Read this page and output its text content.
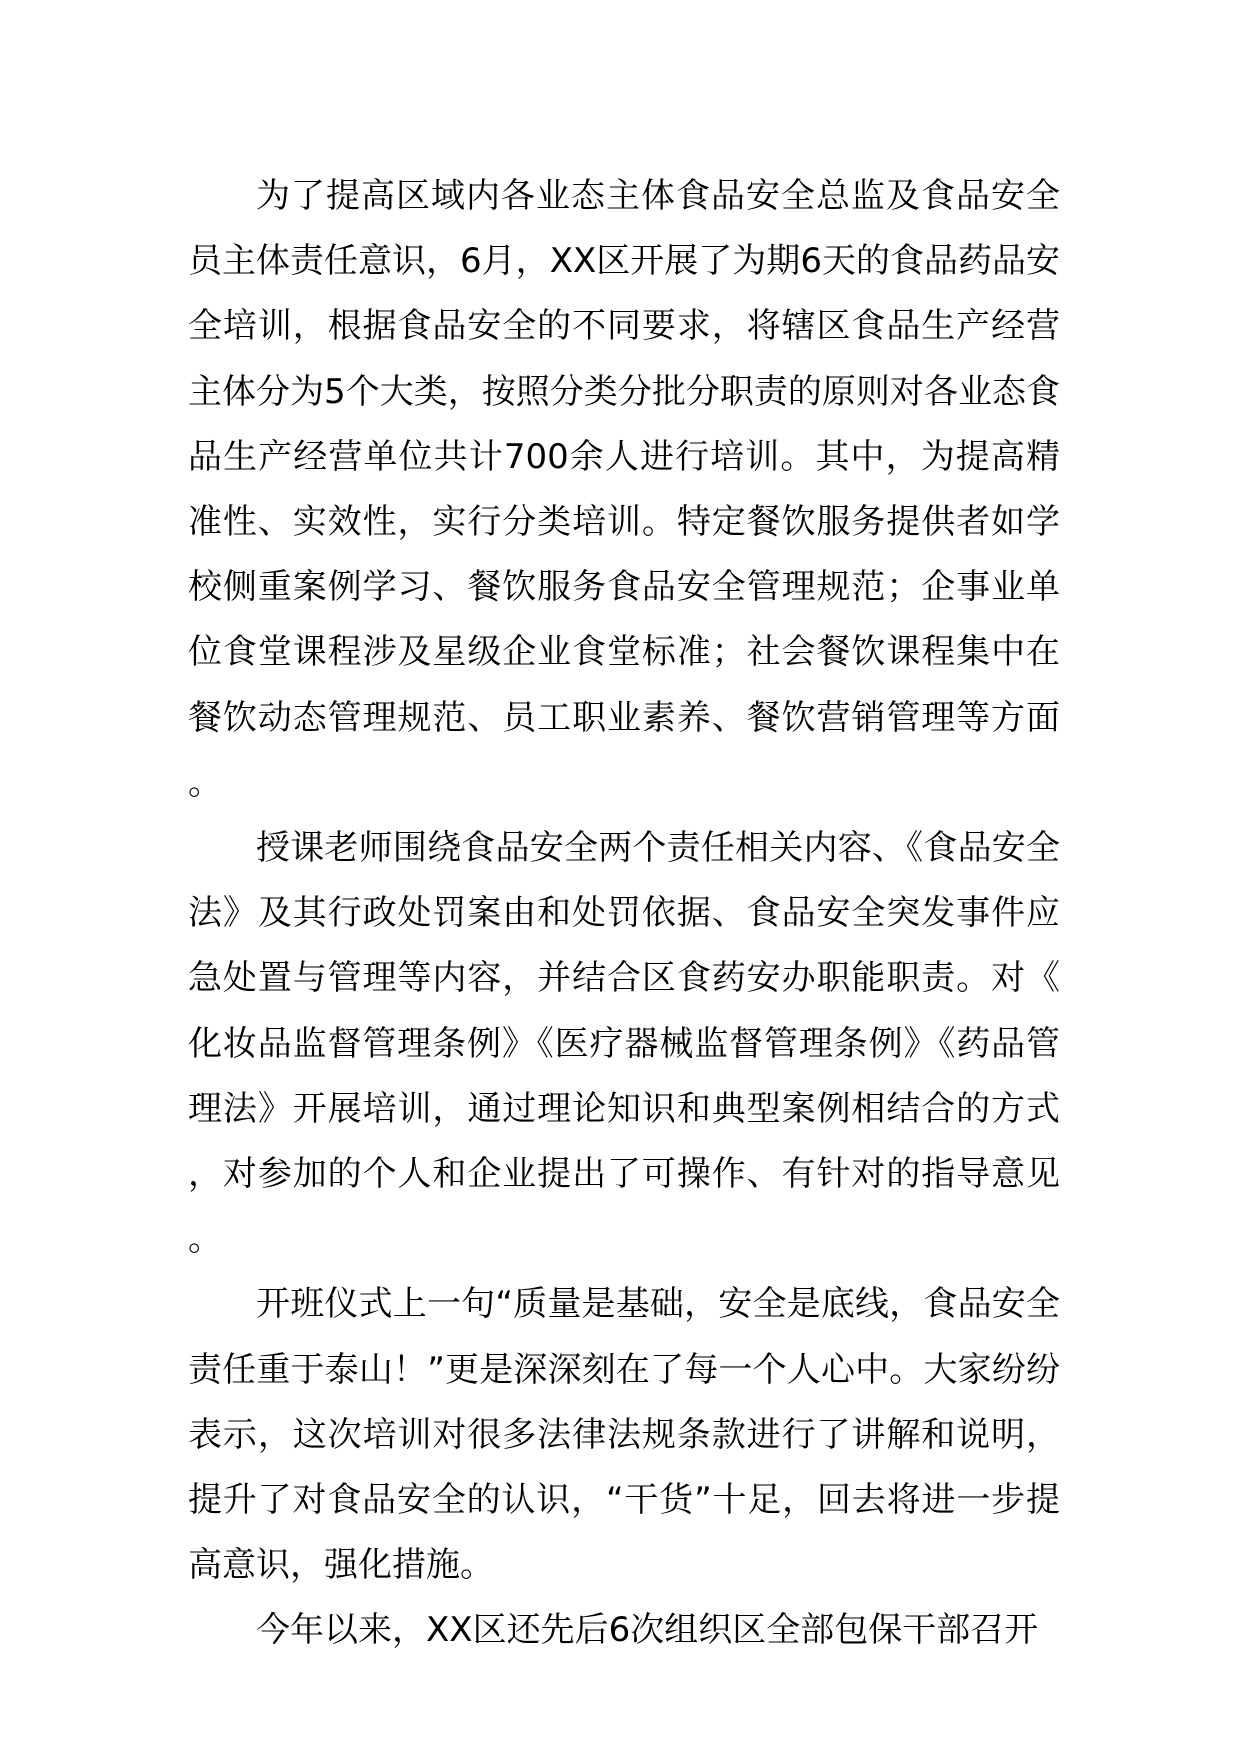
为了提高区域内各业态主体食品安全总监及食品安全员主体责任意识，6月，XX区开展了为期6天的食品药品安全培训，根据食品安全的不同要求，将辖区食品生产经营主体分为5个大类，按照分类分批分职责的原则对各业态食品生产经营单位共计700余人进行培训。其中，为提高精准性、实效性，实行分类培训。特定餐饮服务提供者如学校侧重案例学习、餐饮服务食品安全管理规范；企事业单位食堂课程涉及星级企业食堂标准；社会餐饮课程集中在餐饮动态管理规范、员工职业素养、餐饮营销管理等方面。

授课老师围绕食品安全两个责任相关内容、《食品安全法》及其行政处罚案由和处罚依据、食品安全突发事件应急处置与管理等内容，并结合区食药安办职能职责。对《化妆品监督管理条例》《医疗器械监督管理条例》《药品管理法》开展培训，通过理论知识和典型案例相结合的方式，对参加的个人和企业提出了可操作、有针对的指导意见。

开班仪式上一句“质量是基础，安全是底线，食品安全责任重于泰山！”更是深深刻在了每一个人心中。大家纷纷表示，这次培训对很多法律法规条款进行了讲解和说明，提升了对食品安全的认识，“干货”十足，回去将进一步提高意识，强化措施。

今年以来，XX区还先后6次组织区全部包保干部召开
